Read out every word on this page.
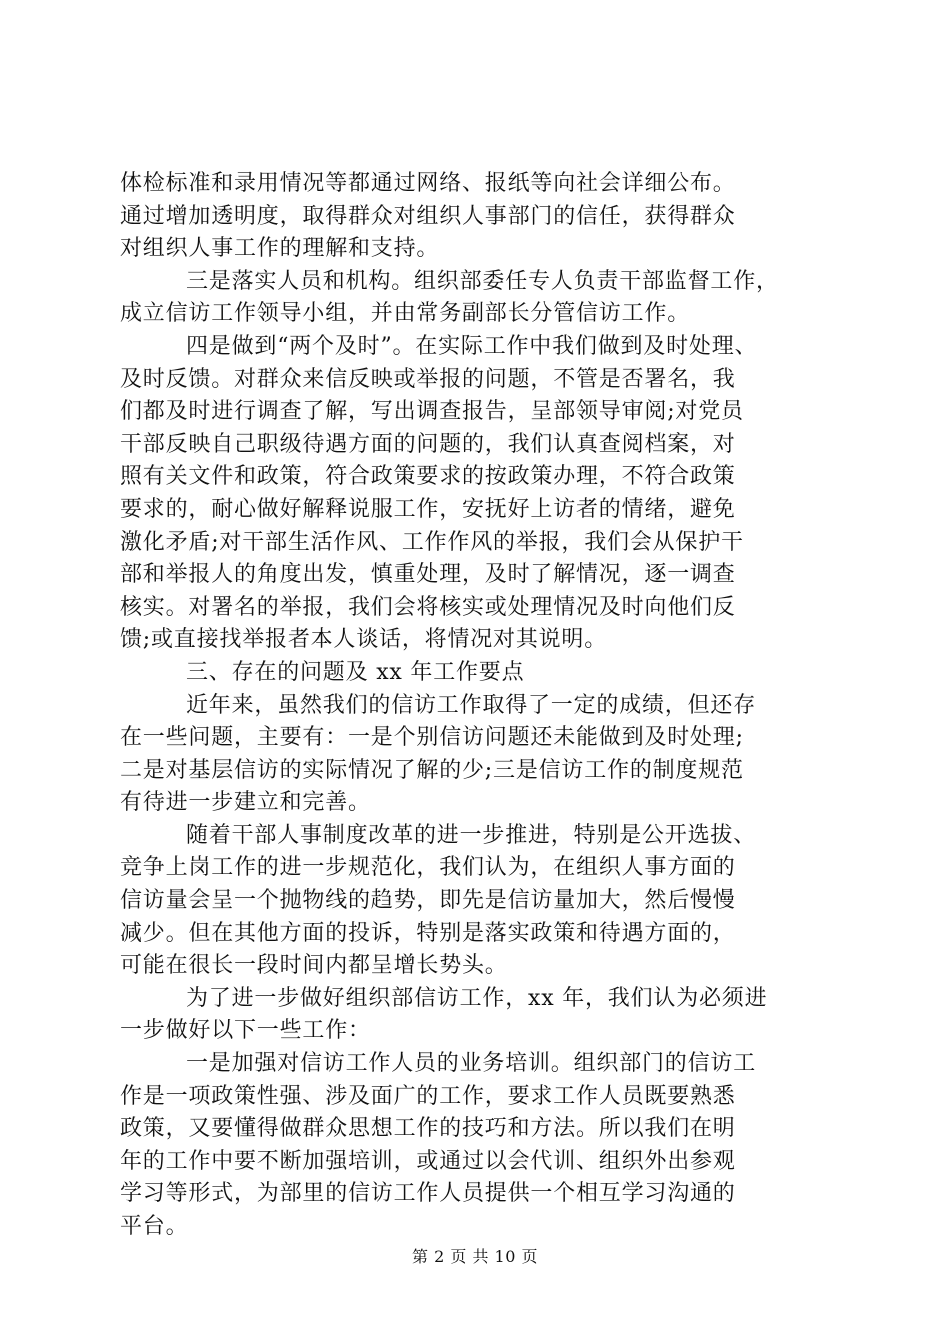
体检标准和录用情况等都通过网络、报纸等向社会详细公布。
通过增加透明度，取得群众对组织人事部门的信任，获得群众
对组织人事工作的理解和支持。
三是落实人员和机构。组织部委任专人负责干部监督工作，
成立信访工作领导小组，并由常务副部长分管信访工作。
四是做到“两个及时”。在实际工作中我们做到及时处理、
及时反馈。对群众来信反映或举报的问题，不管是否署名，我
们都及时进行调查了解，写出调查报告，呈部领导审阅;对党员
干部反映自己职级待遇方面的问题的，我们认真查阅档案，对
照有关文件和政策，符合政策要求的按政策办理，不符合政策
要求的，耐心做好解释说服工作，安抚好上访者的情绪，避免
激化矛盾;对干部生活作风、工作作风的举报，我们会从保护干
部和举报人的角度出发，慎重处理，及时了解情况，逐一调查
核实。对署名的举报，我们会将核实或处理情况及时向他们反
馈;或直接找举报者本人谈话，将情况对其说明。
三、存在的问题及 xx 年工作要点
近年来，虽然我们的信访工作取得了一定的成绩，但还存
在一些问题，主要有：一是个别信访问题还未能做到及时处理;
二是对基层信访的实际情况了解的少;三是信访工作的制度规范
有待进一步建立和完善。
随着干部人事制度改革的进一步推进，特别是公开选拔、
竞争上岗工作的进一步规范化，我们认为，在组织人事方面的
信访量会呈一个抛物线的趋势，即先是信访量加大，然后慢慢
减少。但在其他方面的投诉，特别是落实政策和待遇方面的，
可能在很长一段时间内都呈增长势头。
为了进一步做好组织部信访工作，xx 年，我们认为必须进
一步做好以下一些工作：
一是加强对信访工作人员的业务培训。组织部门的信访工
作是一项政策性强、涉及面广的工作，要求工作人员既要熟悉
政策，又要懂得做群众思想工作的技巧和方法。所以我们在明
年的工作中要不断加强培训，或通过以会代训、组织外出参观
学习等形式，为部里的信访工作人员提供一个相互学习沟通的
平台。
第 2 页 共 10 页
